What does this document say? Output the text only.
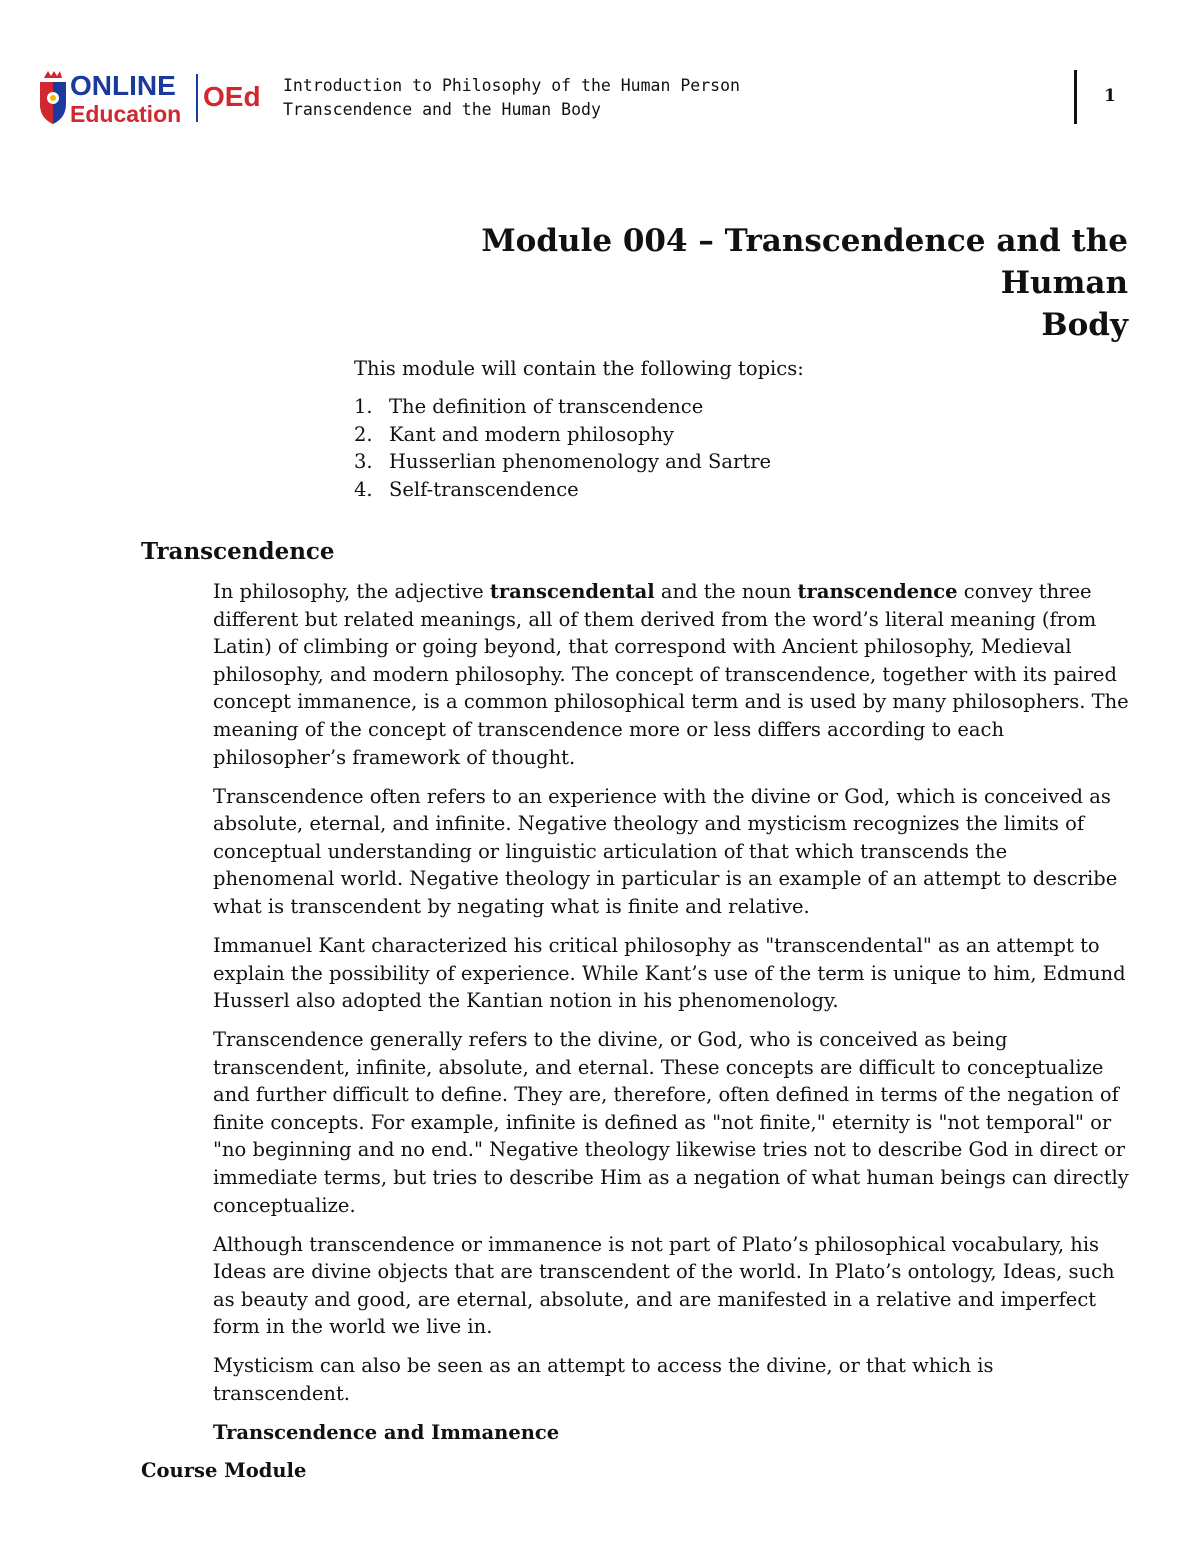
ONLINE
Education
OEd Introduction to Philosophy of the Human Person
Transcendence and the Human Body
1
Module 004 – Transcendence and the Human
Body

This module will contain the following topics:

1. The definition of transcendence
2. Kant and modern philosophy
3. Husserlian phenomenology and Sartre
4. Self-transcendence
Transcendence

In philosophy, the adjective transcendental and the noun transcendence convey three different but related meanings, all of them derived from the word’s literal meaning (from Latin) of climbing or going beyond, that correspond with Ancient philosophy, Medieval philosophy, and modern philosophy. The concept of transcendence, together with its paired concept immanence, is a common philosophical term and is used by many philosophers. The meaning of the concept of transcendence more or less differs according to each philosopher’s framework of thought.

Transcendence often refers to an experience with the divine or God, which is conceived as absolute, eternal, and infinite. Negative theology and mysticism recognizes the limits of conceptual understanding or linguistic articulation of that which transcends the phenomenal world. Negative theology in particular is an example of an attempt to describe what is transcendent by negating what is finite and relative.

Immanuel Kant characterized his critical philosophy as "transcendental" as an attempt to explain the possibility of experience. While Kant’s use of the term is unique to him, Edmund Husserl also adopted the Kantian notion in his phenomenology.

Transcendence generally refers to the divine, or God, who is conceived as being transcendent, infinite, absolute, and eternal. These concepts are difficult to conceptualize and further difficult to define. They are, therefore, often defined in terms of the negation of finite concepts. For example, infinite is defined as "not finite," eternity is "not temporal" or "no beginning and no end." Negative theology likewise tries not to describe God in direct or immediate terms, but tries to describe Him as a negation of what human beings can directly conceptualize.

Although transcendence or immanence is not part of Plato’s philosophical vocabulary, his Ideas are divine objects that are transcendent of the world. In Plato’s ontology, Ideas, such as beauty and good, are eternal, absolute, and are manifested in a relative and imperfect form in the world we live in.

Mysticism can also be seen as an attempt to access the divine, or that which is transcendent.

Transcendence and Immanence

Course Module
